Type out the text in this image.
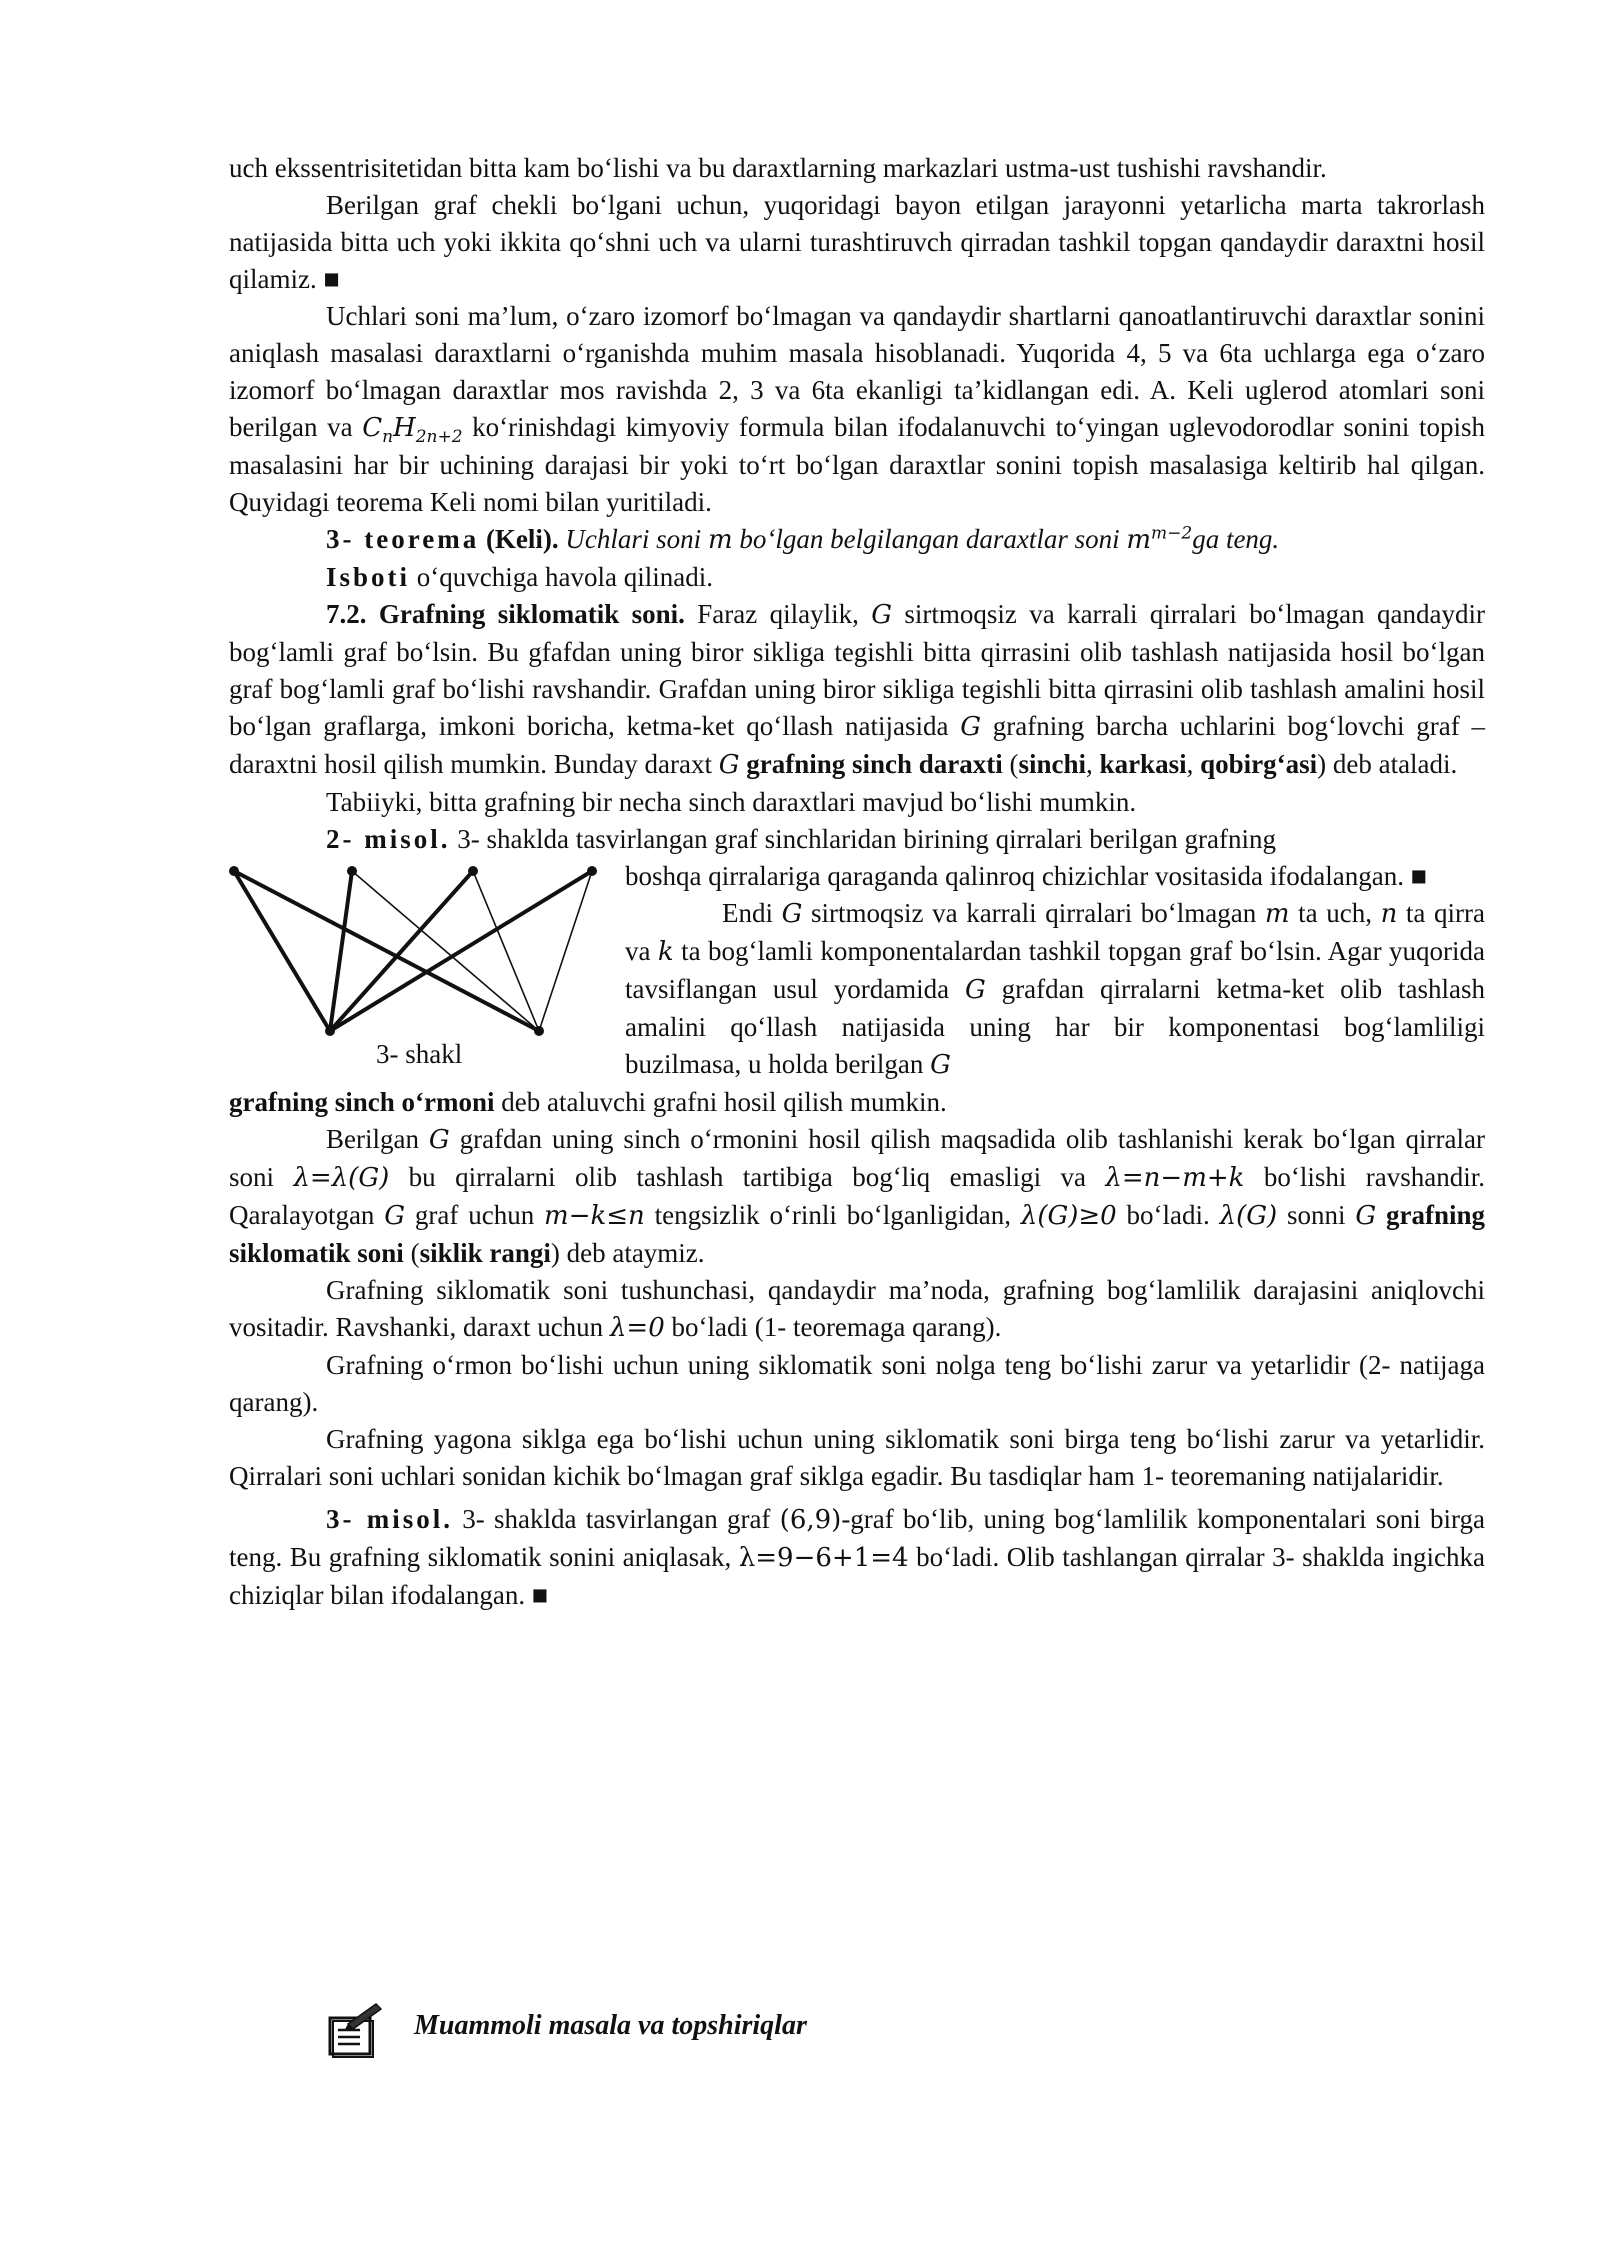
uch ekssentrisitetidan bitta kam bo‘lishi va bu daraxtlarning markazlari ustma-ust tushishi ravshandir.

Berilgan graf chekli bo‘lgani uchun, yuqoridagi bayon etilgan jarayonni yetarlicha marta takrorlash natijasida bitta uch yoki ikkita qo‘shni uch va ularni turashtiruvch qirradan tashkil topgan qandaydir daraxtni hosil qilamiz. ■

Uchlari soni ma’lum, o‘zaro izomorf bo‘lmagan va qandaydir shartlarni qanoatlantiruvchi daraxtlar sonini aniqlash masalasi daraxtlarni o‘rganishda muhim masala hisoblanadi. Yuqorida 4, 5 va 6ta uchlarga ega o‘zaro izomorf bo‘lmagan daraxtlar mos ravishda 2, 3 va 6ta ekanligi ta’kidlangan edi. A. Keli uglerod atomlari soni berilgan va $C_nH_{2n+2}$ ko‘rinishdagi kimyoviy formula bilan ifodalanuvchi to‘yingan uglevodorodlar sonini topish masalasini har bir uchining darajasi bir yoki to‘rt bo‘lgan daraxtlar sonini topish masalasiga keltirib hal qilgan. Quyidagi teorema Keli nomi bilan yuritiladi.

3- teorema (Keli). Uchlari soni m bo‘lgan belgilangan daraxtlar soni $m^{m-2}ga$ teng.

Isboti o‘quvchiga havola qilinadi.

7.2. Grafning siklomatik soni. Faraz qilaylik, G sirtmoqsiz va karrali qirralari bo‘lmagan qandaydir bog‘lamli graf bo‘lsin. Bu gfafdan uning biror sikliga tegishli bitta qirrasini olib tashlash natijasida hosil bo‘lgan graf bog‘lamli graf bo‘lishi ravshandir. Grafdan uning biror sikliga tegishli bitta qirrasini olib tashlash amalini hosil bo‘lgan graflarga, imkoni boricha, ketma-ket qo‘llash natijasida G grafning barcha uchlarini bog‘lovchi graf – daraxtni hosil qilish mumkin. Bunday daraxt G grafning sinch daraxti (sinchi, karkasi, qobirg‘asi) deb ataladi.

Tabiiyki, bitta grafning bir necha sinch daraxtlari mavjud bo‘lishi mumkin.

2- misol. 3- shaklda tasvirlangan graf sinchlaridan birining qirralari berilgan grafning

3- shakl

boshqa qirralariga qaraganda qalinroq chizichlar vositasida ifodalangan. ■

Endi G sirtmoqsiz va karrali qirralari bo‘lmagan m ta uch, n ta qirra va k ta bog‘lamli komponentalardan tashkil topgan graf bo‘lsin. Agar yuqorida tavsiflangan usul yordamida G grafdan qirralarni ketma-ket olib tashlash amalini qo‘llash natijasida uning har bir komponentasi bog‘lamliligi buzilmasa, u holda berilgan G

grafning sinch o‘rmoni deb ataluvchi grafni hosil qilish mumkin.

Berilgan G grafdan uning sinch o‘rmonini hosil qilish maqsadida olib tashlanishi kerak bo‘lgan qirralar soni λ=λ(G) bu qirralarni olib tashlash tartibiga bog‘liq emasligi va λ=n−m+k bo‘lishi ravshandir. Qaralayotgan G graf uchun m−k≤n tengsizlik o‘rinli bo‘lganligidan, λ(G)≥0 bo‘ladi. λ(G) sonni G grafning siklomatik soni (siklik rangi) deb ataymiz.

Grafning siklomatik soni tushunchasi, qandaydir ma’noda, grafning bog‘lamlilik darajasini aniqlovchi vositadir. Ravshanki, daraxt uchun λ=0 bo‘ladi (1- teoremaga qarang).

Grafning o‘rmon bo‘lishi uchun uning siklomatik soni nolga teng bo‘lishi zarur va yetarlidir (2- natijaga qarang).

Grafning yagona siklga ega bo‘lishi uchun uning siklomatik soni birga teng bo‘lishi zarur va yetarlidir. Qirralari soni uchlari sonidan kichik bo‘lmagan graf siklga egadir. Bu tasdiqlar ham 1- teoremaning natijalaridir.

3- misol. 3- shaklda tasvirlangan graf (6,9)-graf bo‘lib, uning bog‘lamlilik komponentalari soni birga teng. Bu grafning siklomatik sonini aniqlasak, λ=9−6+1=4 bo‘ladi. Olib tashlangan qirralar 3- shaklda ingichka chiziqlar bilan ifodalangan. ■

Muammoli masala va topshiriqlar
